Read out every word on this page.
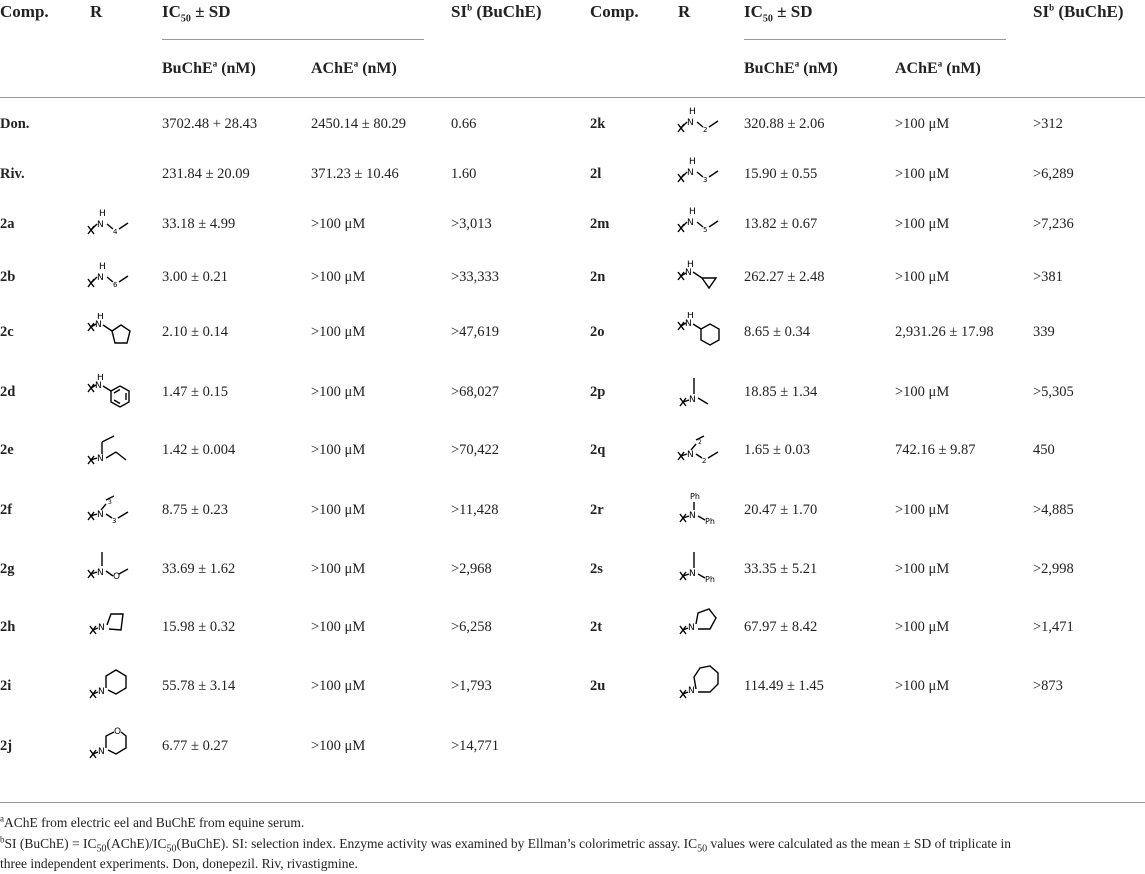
Comp. R	$IC_{50}$ ± SD	$SI^b$ (BuChE)
BuChE$^a$ (nM)	AChE$^a$ (nM)
Comp. R	$IC_{50}$ ± SD	$SI^b$ (BuChE)
BuChE$^a$ (nM)	AChE$^a$ (nM)
Don.	3702.48 + 28.43	2450.14 ± 80.29	0.66
Riv.	231.84 ± 20.09	371.23 ± 10.46	1.60
2a	33.18 ± 4.99	>100 μM	>3,013
2b	3.00 ± 0.21	>100 μM	>33,333
2c	2.10 ± 0.14	>100 μM	>47,619
2d	1.47 ± 0.15	>100 μM	>68,027
2e	1.42 ± 0.004	>100 μM	>70,422
2f	8.75 ± 0.23	>100 μM	>11,428
2g	33.69 ± 1.62	>100 μM	>2,968
2h	15.98 ± 0.32	>100 μM	>6,258
2i	55.78 ± 3.14	>100 μM	>1,793
2j	6.77 ± 0.27	>100 μM	>14,771
2k	320.88 ± 2.06	>100 μM	>312
2l	15.90 ± 0.55	>100 μM	>6,289
2m	13.82 ± 0.67	>100 μM	>7,236
2n	262.27 ± 2.48	>100 μM	>381
2o	8.65 ± 0.34	2,931.26 ± 17.98	339
2p	18.85 ± 1.34	>100 μM	>5,305
2q	1.65 ± 0.03	742.16 ± 9.87	450
2r	20.47 ± 1.70	>100 μM	>4,885
2s	33.35 ± 5.21	>100 μM	>2,998
2t	67.97 ± 8.42	>100 μM	>1,471
2u	114.49 ± 1.45	>100 μM	>873
N
H
4
N
H
6
N
H
N
H
N
N
3
3
N O
N
N
N
O
N
H
2
N
H
3
N
H
5
N
H
N
H
N
N
2
2
N
Ph
Ph
N
Ph
N
N
$^a$AChE from electric eel and BuChE from equine serum.
$^b$SI (BuChE) = $IC_{50}(AChE)/IC_{50}(BuChE)$. SI: selection index. Enzyme activity was examined by Ellman’s colorimetric assay. $IC_{50}$ values were calculated as the mean ± SD of triplicate in
three independent experiments. Don, donepezil. Riv, rivastigmine.
